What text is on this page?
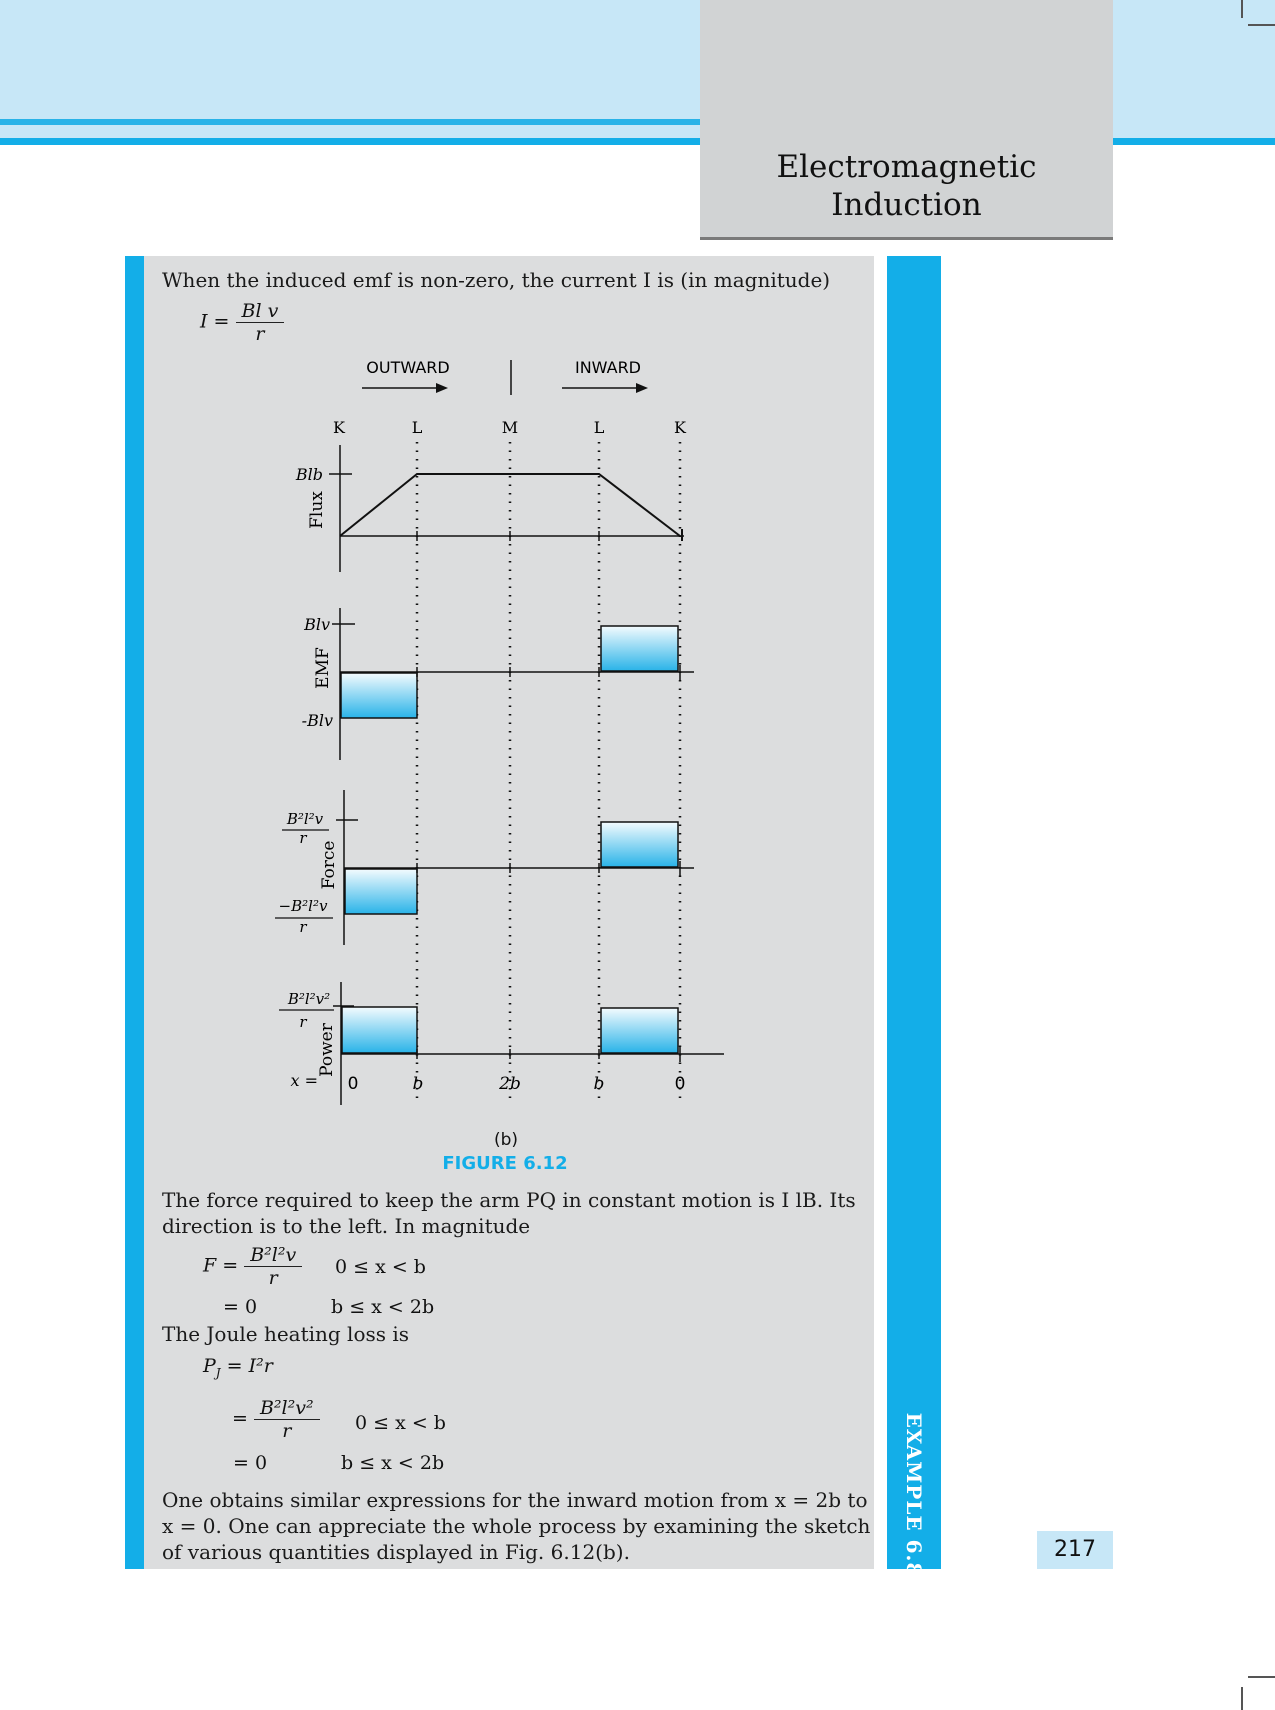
Electromagnetic
Induction
EXAMPLE 6.8	217
When the induced emf is non-zero, the current I is (in magnitude)
$I = \frac{\text{Bl v}}{r}$
OUTWARD	INWARD
K	L	M	L	K
Blb
Flux
Blv
-Blv
EMF
B²l²v
r
−B²l²v
r
Force
B²l²v²
r
Power
x = 0	b	2b	b	0
(b)
FIGURE 6.12
The force required to keep the arm PQ in constant motion is I lB. Its
direction is to the left. In magnitude
$F = \frac{\text{B²l²v}}{r} 0 \le x < b$
= 0	b ≤ x < 2b
The Joule heating loss is
$P_J = I^2r$
= $\frac{\text{B²l²v²}}{r} 0 \le x < b$
= 0	b ≤ x < 2b
One obtains similar expressions for the inward motion from x = 2b to
x = 0. One can appreciate the whole process by examining the sketch
of various quantities displayed in Fig. 6.12(b).
